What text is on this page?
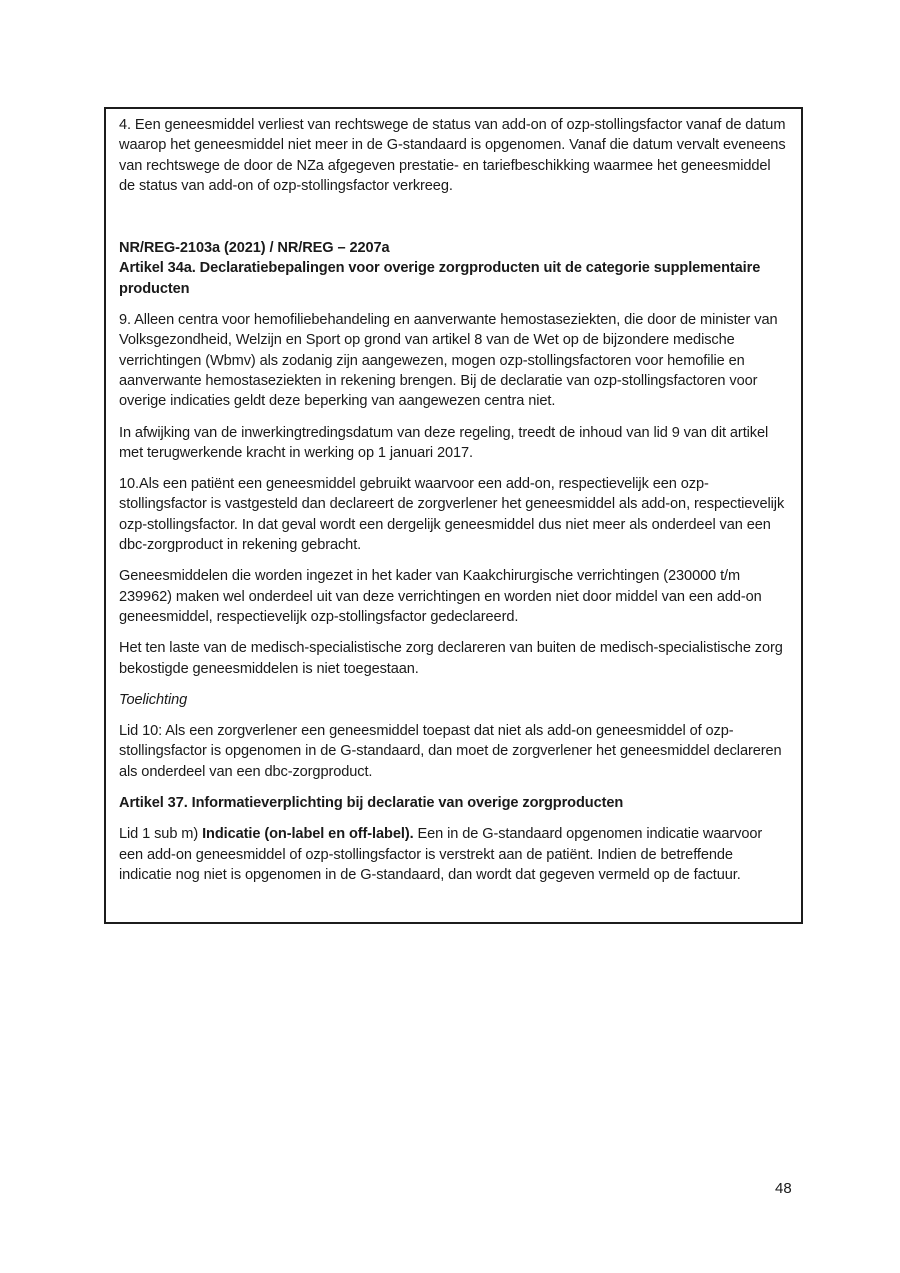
4. Een geneesmiddel verliest van rechtswege de status van add-on of ozp-stollingsfactor vanaf de datum waarop het geneesmiddel niet meer in de G-standaard is opgenomen. Vanaf die datum vervalt eveneens van rechtswege de door de NZa afgegeven prestatie- en tariefbeschikking waarmee het geneesmiddel de status van add-on of ozp-stollingsfactor verkreeg.

NR/REG-2103a (2021) / NR/REG – 2207a

Artikel 34a. Declaratiebepalingen voor overige zorgproducten uit de categorie supplementaire producten

9. Alleen centra voor hemofiliebehandeling en aanverwante hemostaseziekten, die door de minister van Volksgezondheid, Welzijn en Sport op grond van artikel 8 van de Wet op de bijzondere medische verrichtingen (Wbmv) als zodanig zijn aangewezen, mogen ozp-stollingsfactoren voor hemofilie en aanverwante hemostaseziekten in rekening brengen. Bij de declaratie van ozp-stollingsfactoren voor overige indicaties geldt deze beperking van aangewezen centra niet.

In afwijking van de inwerkingtredingsdatum van deze regeling, treedt de inhoud van lid 9 van dit artikel met terugwerkende kracht in werking op 1 januari 2017.

10.Als een patiënt een geneesmiddel gebruikt waarvoor een add-on, respectievelijk een ozp-stollingsfactor is vastgesteld dan declareert de zorgverlener het geneesmiddel als add-on, respectievelijk ozp-stollingsfactor. In dat geval wordt een dergelijk geneesmiddel dus niet meer als onderdeel van een dbc-zorgproduct in rekening gebracht.

Geneesmiddelen die worden ingezet in het kader van Kaakchirurgische verrichtingen (230000 t/m 239962) maken wel onderdeel uit van deze verrichtingen en worden niet door middel van een add-on geneesmiddel, respectievelijk ozp-stollingsfactor gedeclareerd.

Het ten laste van de medisch-specialistische zorg declareren van buiten de medisch-specialistische zorg bekostigde geneesmiddelen is niet toegestaan.

Toelichting

Lid 10: Als een zorgverlener een geneesmiddel toepast dat niet als add-on geneesmiddel of ozp-stollingsfactor is opgenomen in de G-standaard, dan moet de zorgverlener het geneesmiddel declareren als onderdeel van een dbc-zorgproduct.

Artikel 37. Informatieverplichting bij declaratie van overige zorgproducten

Lid 1 sub m) Indicatie (on-label en off-label). Een in de G-standaard opgenomen indicatie waarvoor een add-on geneesmiddel of ozp-stollingsfactor is verstrekt aan de patiënt. Indien de betreffende indicatie nog niet is opgenomen in de G-standaard, dan wordt dat gegeven vermeld op de factuur.

48
